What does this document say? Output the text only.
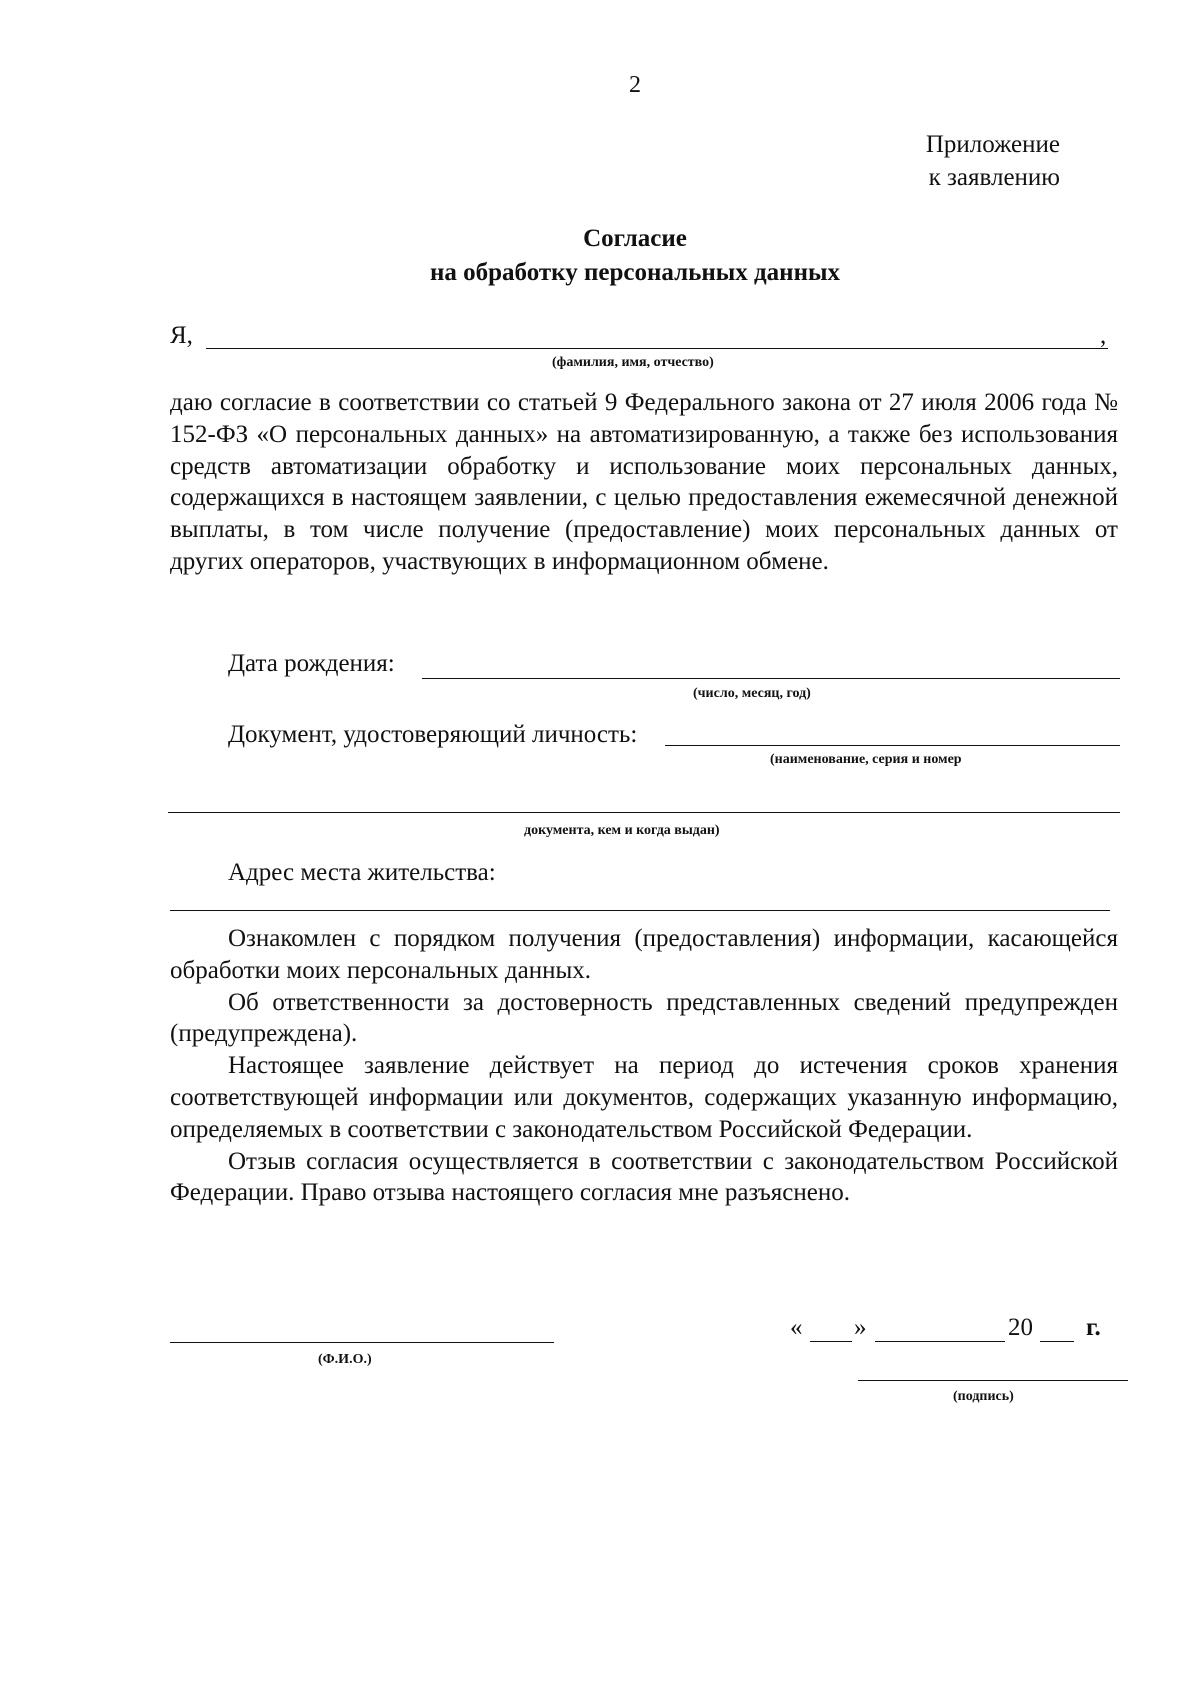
2
Приложение
к заявлению
Согласие
на обработку персональных данных
Я,	,
(фамилия, имя, отчество)
даю согласие в соответствии со статьей 9 Федерального закона от 27 июля 2006 года № 152-ФЗ «О персональных данных» на автоматизированную, а также без использования средств автоматизации обработку и использование моих персональных данных, содержащихся в настоящем заявлении, с целью предоставления ежемесячной денежной выплаты, в том числе получение (предоставление) моих персональных данных от других операторов, участвующих в информационном обмене.
Дата рождения:
(число, месяц, год)
Документ, удостоверяющий личность:
(наименование, серия и номер
документа, кем и когда выдан)
Адрес места жительства:

Ознакомлен с порядком получения (предоставления) информации, касающейся обработки моих персональных данных.

Об ответственности за достоверность представленных сведений предупрежден (предупреждена).

Настоящее заявление действует на период до истечения сроков хранения соответствующей информации или документов, содержащих указанную информацию, определяемых в соответствии с законодательством Российской Федерации.

Отзыв согласия осуществляется в соответствии с законодательством Российской Федерации. Право отзыва настоящего согласия мне разъяснено.

(Ф.И.О.)
« »	20 г.
(подпись)
